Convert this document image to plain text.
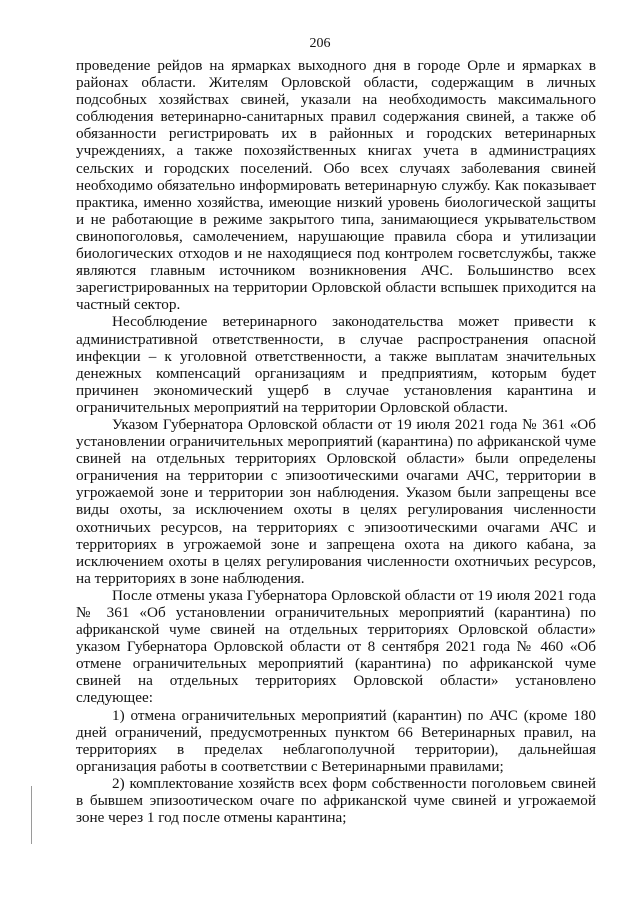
206

проведение рейдов на ярмарках выходного дня в городе Орле и ярмарках в районах области. Жителям Орловской области, содержащим в личных подсобных хозяйствах свиней, указали на необходимость максимального соблюдения ветеринарно-санитарных правил содержания свиней, а также об обязанности регистрировать их в районных и городских ветеринарных учреждениях, а также похозяйственных книгах учета в администрациях сельских и городских поселений. Обо всех случаях заболевания свиней необходимо обязательно информировать ветеринарную службу. Как показывает практика, именно хозяйства, имеющие низкий уровень биологической защиты и не работающие в режиме закрытого типа, занимающиеся укрывательством свинопоголовья, самолечением, нарушающие правила сбора и утилизации биологических отходов и не находящиеся под контролем госветслужбы, также являются главным источником возникновения АЧС. Большинство всех зарегистрированных на территории Орловской области вспышек приходится на частный сектор.

Несоблюдение ветеринарного законодательства может привести к административной ответственности, в случае распространения опасной инфекции – к уголовной ответственности, а также выплатам значительных денежных компенсаций организациям и предприятиям, которым будет причинен экономический ущерб в случае установления карантина и ограничительных мероприятий на территории Орловской области.

Указом Губернатора Орловской области от 19 июля 2021 года № 361 «Об установлении ограничительных мероприятий (карантина) по африканской чуме свиней на отдельных территориях Орловской области» были определены ограничения на территории с эпизоотическими очагами АЧС, территории в угрожаемой зоне и территории зон наблюдения. Указом были запрещены все виды охоты, за исключением охоты в целях регулирования численности охотничьих ресурсов, на территориях с эпизоотическими очагами АЧС и территориях в угрожаемой зоне и запрещена охота на дикого кабана, за исключением охоты в целях регулирования численности охотничьих ресурсов, на территориях в зоне наблюдения.

После отмены указа Губернатора Орловской области от 19 июля 2021 года № 361 «Об установлении ограничительных мероприятий (карантина) по африканской чуме свиней на отдельных территориях Орловской области» указом Губернатора Орловской области от 8 сентября 2021 года № 460 «Об отмене ограничительных мероприятий (карантина) по африканской чуме свиней на отдельных территориях Орловской области» установлено следующее:

1) отмена ограничительных мероприятий (карантин) по АЧС (кроме 180 дней ограничений, предусмотренных пунктом 66 Ветеринарных правил, на территориях в пределах неблагополучной территории), дальнейшая организация работы в соответствии с Ветеринарными правилами;

2) комплектование хозяйств всех форм собственности поголовьем свиней в бывшем эпизоотическом очаге по африканской чуме свиней и угрожаемой зоне через 1 год после отмены карантина;
